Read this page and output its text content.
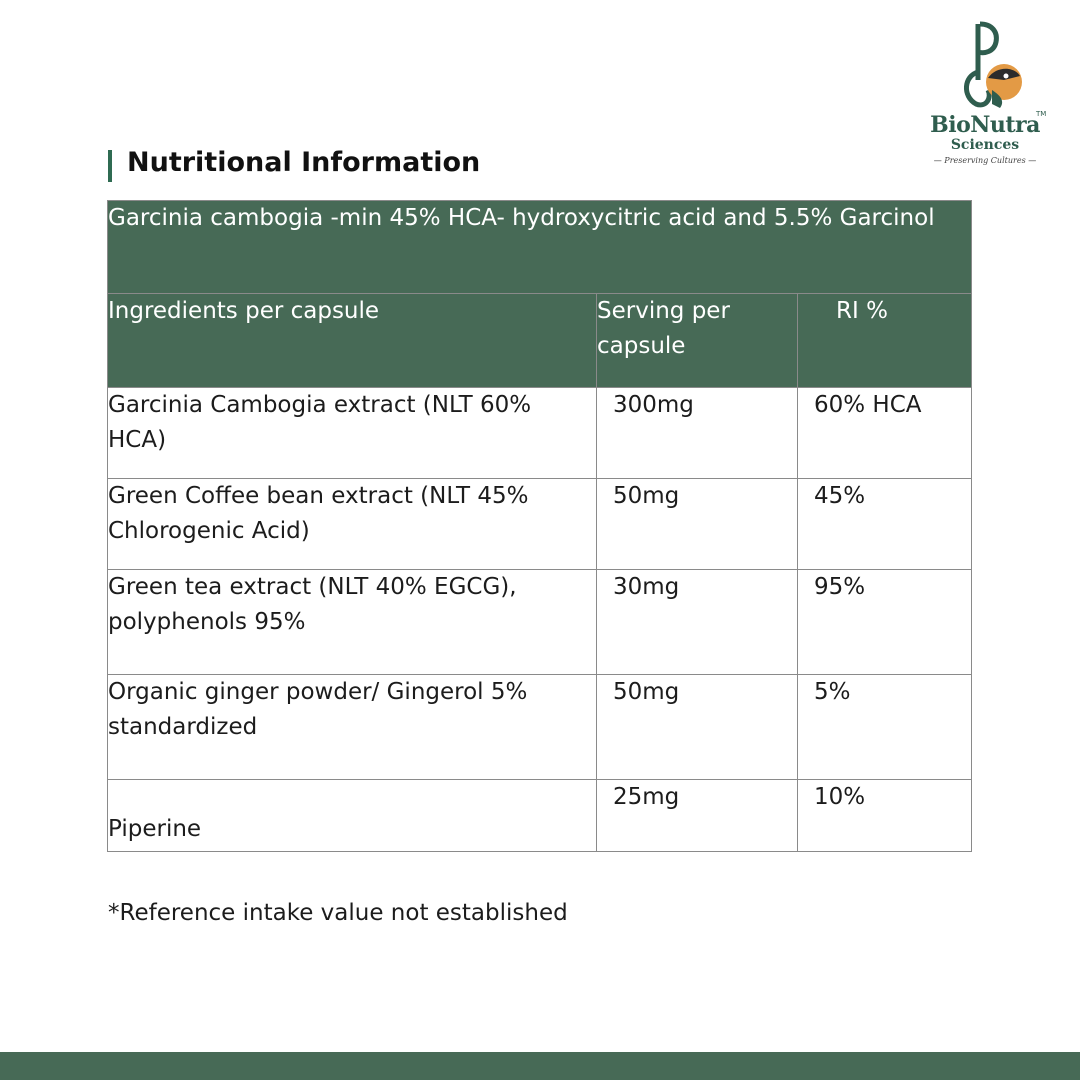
BioNutra
TM
Sciences
— Preserving Cultures —
Nutritional Information
Garcinia cambogia -min 45% HCA- hydroxycitric acid and 5.5% Garcinol		
Ingredients per capsule	Serving per capsule	RI %
Garcinia Cambogia extract (NLT 60% HCA)	300mg	60% HCA
Green Coffee bean extract (NLT 45% Chlorogenic Acid)	50mg	45%
Green tea extract (NLT 40% EGCG), polyphenols 95%	30mg	95%
Organic ginger powder/ Gingerol 5% standardized	50mg	5%
Piperine	25mg	10%
*Reference intake value not established
